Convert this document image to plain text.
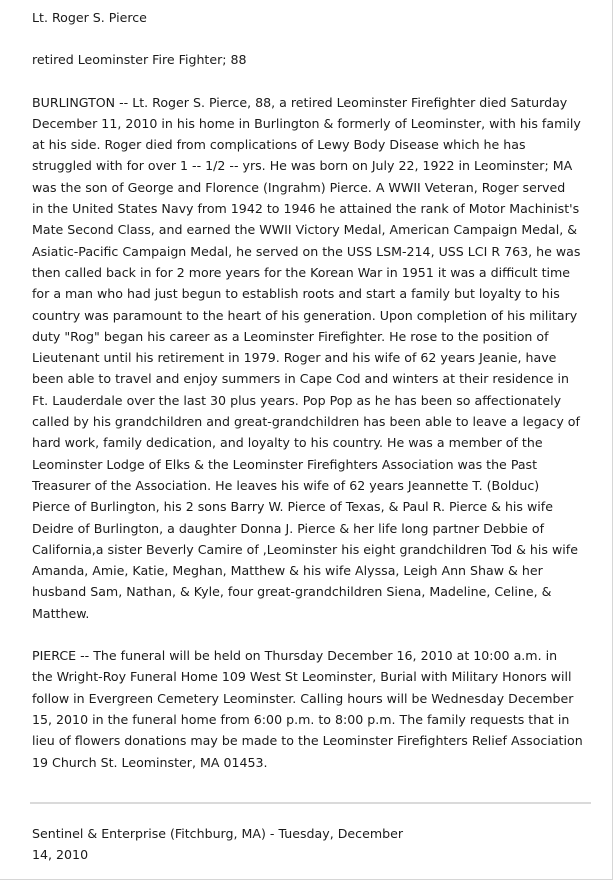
Lt. Roger S. Pierce

retired Leominster Fire Fighter; 88

BURLINGTON -- Lt. Roger S. Pierce, 88, a retired Leominster Firefighter died Saturday
December 11, 2010 in his home in Burlington & formerly of Leominster, with his family
at his side. Roger died from complications of Lewy Body Disease which he has
struggled with for over 1 -- 1/2 -- yrs. He was born on July 22, 1922 in Leominster; MA
was the son of George and Florence (Ingrahm) Pierce. A WWII Veteran, Roger served
in the United States Navy from 1942 to 1946 he attained the rank of Motor Machinist's
Mate Second Class, and earned the WWII Victory Medal, American Campaign Medal, &
Asiatic-Pacific Campaign Medal, he served on the USS LSM-214, USS LCI R 763, he was
then called back in for 2 more years for the Korean War in 1951 it was a difficult time
for a man who had just begun to establish roots and start a family but loyalty to his
country was paramount to the heart of his generation. Upon completion of his military
duty "Rog" began his career as a Leominster Firefighter. He rose to the position of
Lieutenant until his retirement in 1979. Roger and his wife of 62 years Jeanie, have
been able to travel and enjoy summers in Cape Cod and winters at their residence in
Ft. Lauderdale over the last 30 plus years. Pop Pop as he has been so affectionately
called by his grandchildren and great-grandchildren has been able to leave a legacy of
hard work, family dedication, and loyalty to his country. He was a member of the
Leominster Lodge of Elks & the Leominster Firefighters Association was the Past
Treasurer of the Association. He leaves his wife of 62 years Jeannette T. (Bolduc)
Pierce of Burlington, his 2 sons Barry W. Pierce of Texas, & Paul R. Pierce & his wife
Deidre of Burlington, a daughter Donna J. Pierce & her life long partner Debbie of
California,a sister Beverly Camire of ,Leominster his eight grandchildren Tod & his wife
Amanda, Amie, Katie, Meghan, Matthew & his wife Alyssa, Leigh Ann Shaw & her
husband Sam, Nathan, & Kyle, four great-grandchildren Siena, Madeline, Celine, &
Matthew.

PIERCE -- The funeral will be held on Thursday December 16, 2010 at 10:00 a.m. in
the Wright-Roy Funeral Home 109 West St Leominster, Burial with Military Honors will
follow in Evergreen Cemetery Leominster. Calling hours will be Wednesday December
15, 2010 in the funeral home from 6:00 p.m. to 8:00 p.m. The family requests that in
lieu of flowers donations may be made to the Leominster Firefighters Relief Association
19 Church St. Leominster, MA 01453.

Sentinel & Enterprise (Fitchburg, MA) - Tuesday, December
14, 2010
